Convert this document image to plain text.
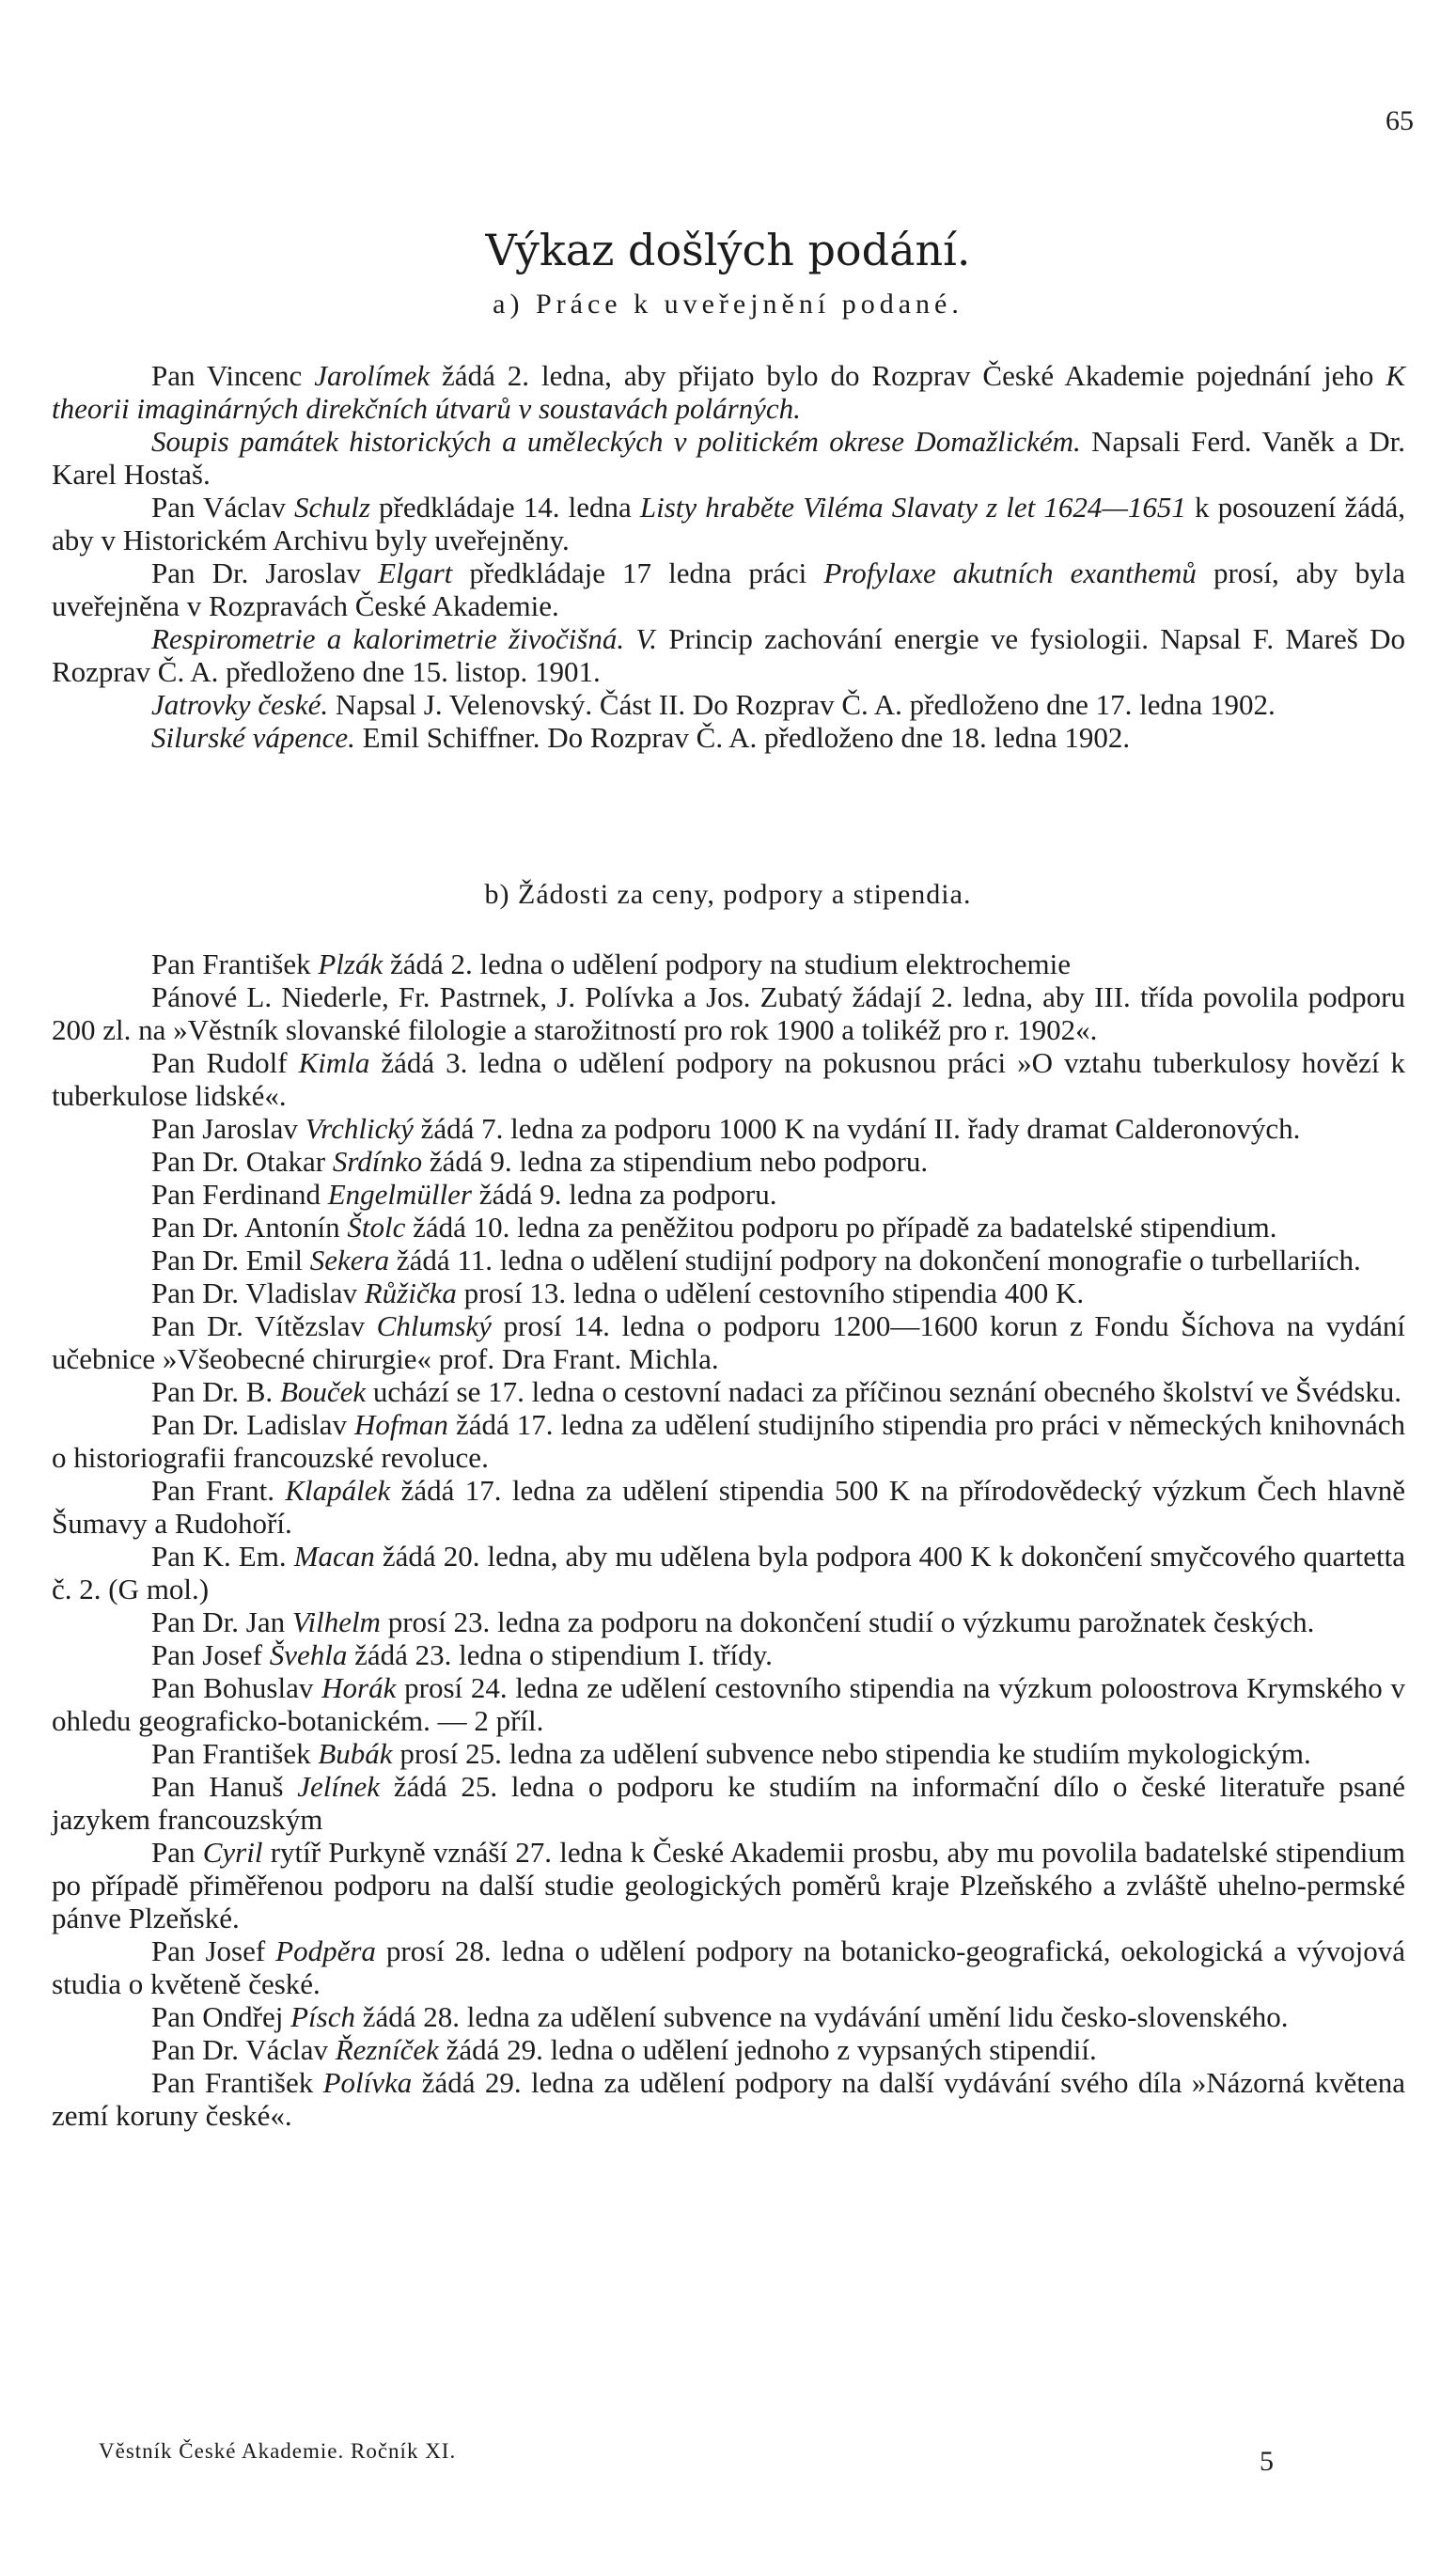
65
Výkaz došlých podání.
a) Práce k uveřejnění podané.

Pan Vincenc Jarolímek žádá 2. ledna, aby přijato bylo do Rozprav České Akademie pojednání jeho K theorii imaginárných direkčních útvarů v soustavách polárných.

Soupis památek historických a uměleckých v politickém okrese Domažlickém. Napsali Ferd. Vaněk a Dr. Karel Hostaš.

Pan Václav Schulz předkládaje 14. ledna Listy hraběte Viléma Slavaty z let 1624—1651 k posouzení žádá, aby v Historickém Archivu byly uveřejněny.

Pan Dr. Jaroslav Elgart předkládaje 17 ledna práci Profylaxe akutních exanthemů prosí, aby byla uveřejněna v Rozpravách České Akademie.

Respirometrie a kalorimetrie živočišná. V. Princip zachování energie ve fysiologii. Napsal F. Mareš Do Rozprav Č. A. předloženo dne 15. listop. 1901.

Jatrovky české. Napsal J. Velenovský. Část II. Do Rozprav Č. A. předloženo dne 17. ledna 1902.

Silurské vápence. Emil Schiffner. Do Rozprav Č. A. předloženo dne 18. ledna 1902.

b) Žádosti za ceny, podpory a stipendia.

Pan František Plzák žádá 2. ledna o udělení podpory na studium elektrochemie

Pánové L. Niederle, Fr. Pastrnek, J. Polívka a Jos. Zubatý žádají 2. ledna, aby III. třída povolila podporu 200 zl. na »Věstník slovanské filologie a starožitností pro rok 1900 a tolikéž pro r. 1902«.

Pan Rudolf Kimla žádá 3. ledna o udělení podpory na pokusnou práci »O vztahu tuberkulosy hovězí k tuberkulose lidské«.

Pan Jaroslav Vrchlický žádá 7. ledna za podporu 1000 K na vydání II. řady dramat Calderonových.

Pan Dr. Otakar Srdínko žádá 9. ledna za stipendium nebo podporu.

Pan Ferdinand Engelmüller žádá 9. ledna za podporu.

Pan Dr. Antonín Štolc žádá 10. ledna za peněžitou podporu po případě za badatelské stipendium.

Pan Dr. Emil Sekera žádá 11. ledna o udělení studijní podpory na dokončení monografie o turbellariích.

Pan Dr. Vladislav Růžička prosí 13. ledna o udělení cestovního stipendia 400 K.

Pan Dr. Vítězslav Chlumský prosí 14. ledna o podporu 1200—1600 korun z Fondu Šíchova na vydání učebnice »Všeobecné chirurgie« prof. Dra Frant. Michla.

Pan Dr. B. Bouček uchází se 17. ledna o cestovní nadaci za příčinou seznání obecného školství ve Švédsku.

Pan Dr. Ladislav Hofman žádá 17. ledna za udělení studijního stipendia pro práci v německých knihovnách o historiografii francouzské revoluce.

Pan Frant. Klapálek žádá 17. ledna za udělení stipendia 500 K na přírodovědecký výzkum Čech hlavně Šumavy a Rudohoří.

Pan K. Em. Macan žádá 20. ledna, aby mu udělena byla podpora 400 K k dokončení smyčcového quartetta č. 2. (G mol.)

Pan Dr. Jan Vilhelm prosí 23. ledna za podporu na dokončení studií o výzkumu parožnatek českých.

Pan Josef Švehla žádá 23. ledna o stipendium I. třídy.

Pan Bohuslav Horák prosí 24. ledna ze udělení cestovního stipendia na výzkum poloostrova Krymského v ohledu geograficko-botanickém. — 2 příl.

Pan František Bubák prosí 25. ledna za udělení subvence nebo stipendia ke studiím mykologickým.

Pan Hanuš Jelínek žádá 25. ledna o podporu ke studiím na informační dílo o české literatuře psané jazykem francouzským

Pan Cyril rytíř Purkyně vznáší 27. ledna k České Akademii prosbu, aby mu povolila badatelské stipendium po případě přiměřenou podporu na další studie geologických poměrů kraje Plzeňského a zvláště uhelno-permské pánve Plzeňské.

Pan Josef Podpěra prosí 28. ledna o udělení podpory na botanicko-geografická, oekologická a vývojová studia o květeně české.

Pan Ondřej Písch žádá 28. ledna za udělení subvence na vydávání umění lidu česko-slovenského.

Pan Dr. Václav Řezníček žádá 29. ledna o udělení jednoho z vypsaných stipendií.

Pan František Polívka žádá 29. ledna za udělení podpory na další vydávání svého díla »Názorná květena zemí koruny české«.

Věstník České Akademie. Ročník XI.	5
